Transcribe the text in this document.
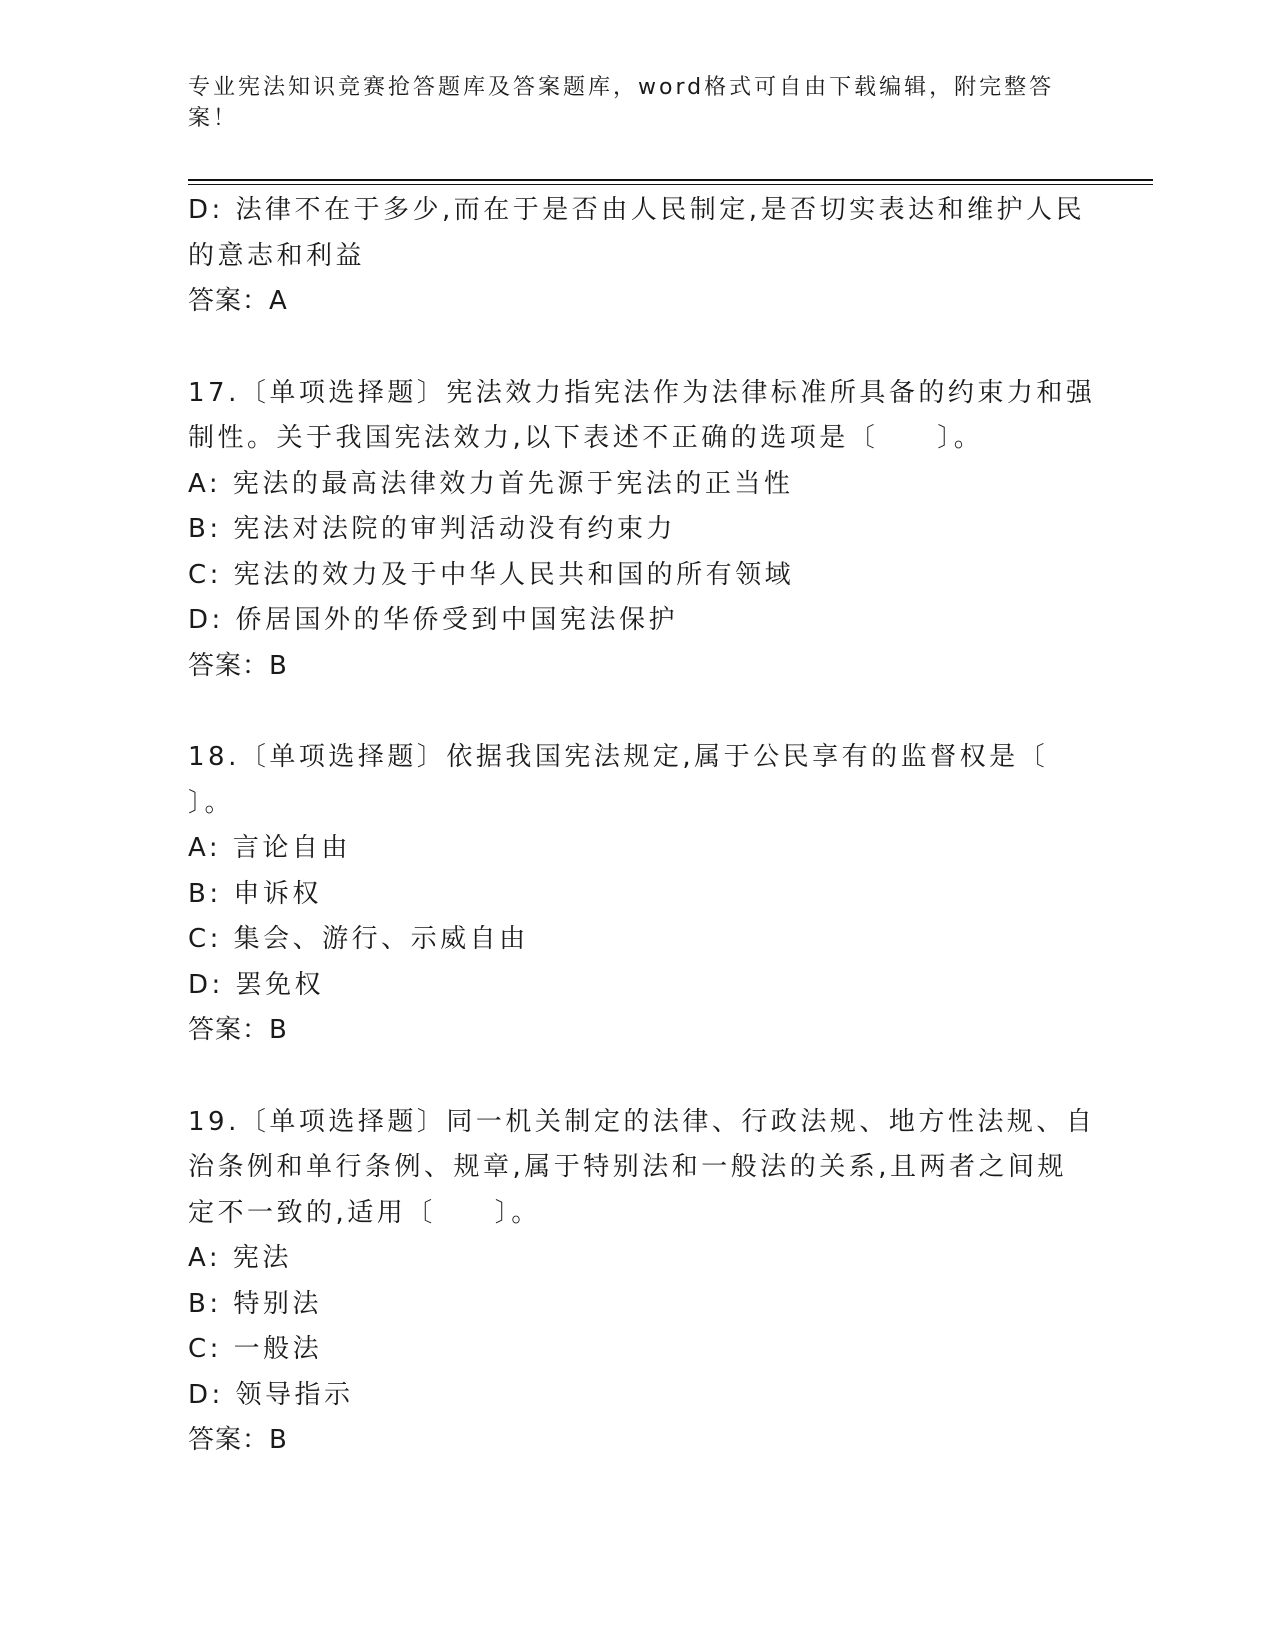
专业宪法知识竞赛抢答题库及答案题库，word格式可自由下载编辑，附完整答案！
D: 法律不在于多少,而在于是否由人民制定,是否切实表达和维护人民
的意志和利益
答案：A
17.〔单项选择题〕宪法效力指宪法作为法律标准所具备的约束力和强
制性。关于我国宪法效力,以下表述不正确的选项是〔　　〕。
A: 宪法的最高法律效力首先源于宪法的正当性
B: 宪法对法院的审判活动没有约束力
C: 宪法的效力及于中华人民共和国的所有领域
D: 侨居国外的华侨受到中国宪法保护
答案：B
18.〔单项选择题〕依据我国宪法规定,属于公民享有的监督权是〔
〕。
A: 言论自由
B: 申诉权
C: 集会、游行、示威自由
D: 罢免权
答案：B
19.〔单项选择题〕同一机关制定的法律、行政法规、地方性法规、自
治条例和单行条例、规章,属于特别法和一般法的关系,且两者之间规
定不一致的,适用〔　　〕。
A: 宪法
B: 特别法
C: 一般法
D: 领导指示
答案：B
